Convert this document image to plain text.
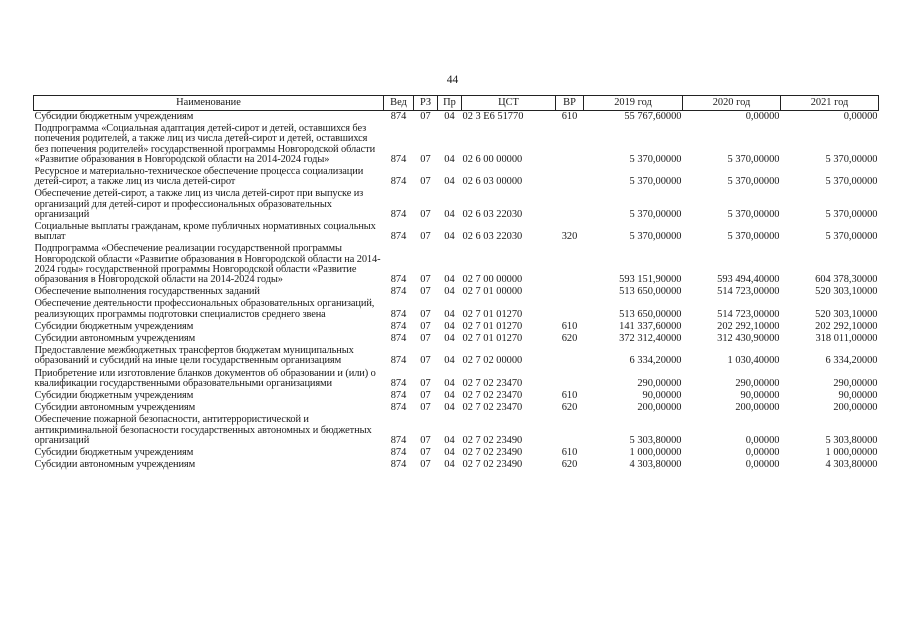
44
Наименование	Вед	РЗ	Пр	ЦСТ	ВР	2019 год	2020 год	2021 год
Субсидии бюджетным учреждениям	874	07	04	02 3 Е6 51770	610	55 767,60000	0,00000	0,00000
Подпрограмма «Социальная адаптация детей-сирот и детей, оставшихся без попечения родителей, а также лиц из числа детей-сирот и детей, оставшихся без попечения родителей» государственной программы Новгородской области «Развитие образования в Новгородской области на 2014-2024 годы»	874	07	04	02 6 00 00000		5 370,00000	5 370,00000	5 370,00000
Ресурсное и материально-техническое обеспечение процесса социализации детей-сирот, а также лиц из числа детей-сирот	874	07	04	02 6 03 00000		5 370,00000	5 370,00000	5 370,00000
Обеспечение детей-сирот, а также лиц из числа детей-сирот при выпуске из организаций для детей-сирот и профессиональных образовательных организаций	874	07	04	02 6 03 22030		5 370,00000	5 370,00000	5 370,00000
Социальные выплаты гражданам, кроме публичных нормативных социальных выплат	874	07	04	02 6 03 22030	320	5 370,00000	5 370,00000	5 370,00000
Подпрограмма «Обеспечение реализации государственной программы Новгородской области «Развитие образования в Новгородской области на 2014-2024 годы» государственной программы Новгородской области «Развитие образования в Новгородской области на 2014-2024 годы»	874	07	04	02 7 00 00000		593 151,90000	593 494,40000	604 378,30000
Обеспечение выполнения государственных заданий	874	07	04	02 7 01 00000		513 650,00000	514 723,00000	520 303,10000
Обеспечение деятельности профессиональных образовательных организаций, реализующих программы подготовки специалистов среднего звена	874	07	04	02 7 01 01270		513 650,00000	514 723,00000	520 303,10000
Субсидии бюджетным учреждениям	874	07	04	02 7 01 01270	610	141 337,60000	202 292,10000	202 292,10000
Субсидии автономным учреждениям	874	07	04	02 7 01 01270	620	372 312,40000	312 430,90000	318 011,00000
Предоставление межбюджетных трансфертов бюджетам муниципальных образований и субсидий на иные цели государственным организациям	874	07	04	02 7 02 00000		6 334,20000	1 030,40000	6 334,20000
Приобретение или изготовление бланков документов об образовании и (или) о квалификации государственными образовательными организациями	874	07	04	02 7 02 23470		290,00000	290,00000	290,00000
Субсидии бюджетным учреждениям	874	07	04	02 7 02 23470	610	90,00000	90,00000	90,00000
Субсидии автономным учреждениям	874	07	04	02 7 02 23470	620	200,00000	200,00000	200,00000
Обеспечение пожарной безопасности, антитеррористической и антикриминальной безопасности государственных автономных и бюджетных организаций	874	07	04	02 7 02 23490		5 303,80000	0,00000	5 303,80000
Субсидии бюджетным учреждениям	874	07	04	02 7 02 23490	610	1 000,00000	0,00000	1 000,00000
Субсидии автономным учреждениям	874	07	04	02 7 02 23490	620	4 303,80000	0,00000	4 303,80000
